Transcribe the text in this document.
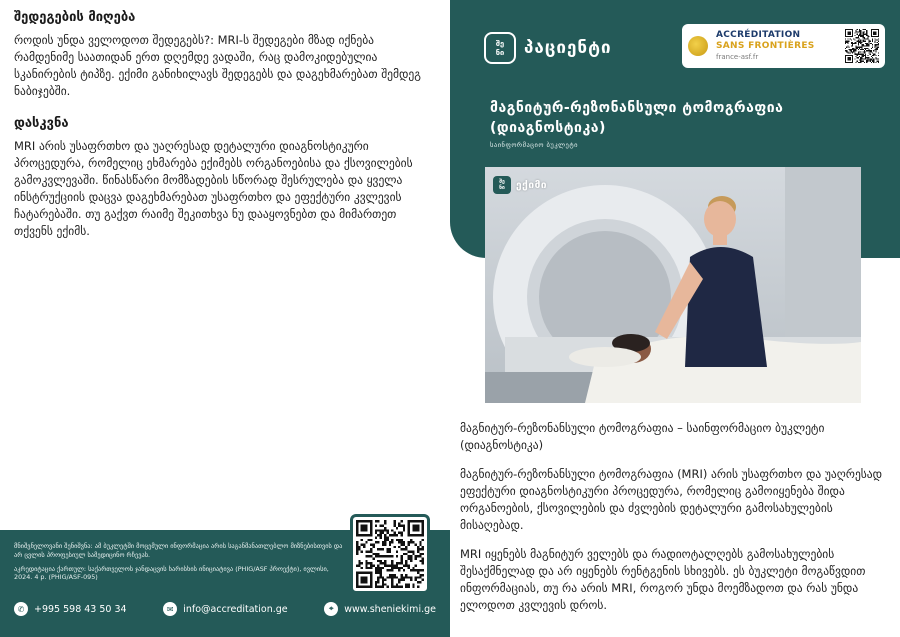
შედეგების მიღება

როდის უნდა ველოდოთ შედეგებს?: MRI-ს შედეგები მზად იქნება რამდენიმე საათიდან ერთ დღემდე ვადაში, რაც დამოკიდებულია სკანირების ტიპზე. ექიმი განიხილავს შედეგებს და დაგეხმარებათ შემდეგ ნაბიჯებში.

დასკვნა

MRI არის უსაფრთხო და უაღრესად დეტალური დიაგნოსტიკური პროცედურა, რომელიც ეხმარება ექიმებს ორგანოებისა და ქსოვილების გამოკვლევაში. წინასწარი მომზადების სწორად შესრულება და ყველა ინსტრუქციის დაცვა დაგეხმარებათ უსაფრთხო და ეფექტური კვლევის ჩატარებაში. თუ გაქვთ რაიმე შეკითხვა ნუ დააყოვნებთ და მიმართეთ თქვენს ექიმს.

მნიშვნელოვანი შენიშვნა: ამ ბუკლეტში მოცემული ინფორმაცია არის საგანმანათლებლო მიზნებისთვის და არ ცვლის პროფესიულ სამედიცინო რჩევას.

აკრედიტაცია ქართულ: საქართველოს ჯანდაცვის ხარისხის ინიციატივა (PHIG/ASF პროექტი), ივლისი, 2024. 4 p. (PHIG/ASF-095)

✆	+995 598 43 50 34	✉	info@accreditation.ge	⌖	www.sheniekimi.ge
შე
ნი პაციენტი
ACCRÉDITATION
SANS FRONTIÈRES
france-asf.fr
მაგნიტურ-რეზონანსული ტომოგრაფია (დიაგნოსტიკა)
საინფორმაციო ბუკლეტი
შე
ნი ექიმი

მაგნიტურ-რეზონანსული ტომოგრაფია – საინფორმაციო ბუკლეტი (დიაგნოსტიკა)

მაგნიტურ-რეზონანსული ტომოგრაფია (MRI) არის უსაფრთხო და უაღრესად ეფექტური დიაგნოსტიკური პროცედურა, რომელიც გამოიყენება შიდა ორგანოების, ქსოვილების და ძვლების დეტალური გამოსახულების მისაღებად.

MRI იყენებს მაგნიტურ ველებს და რადიოტალღებს გამოსახულების შესაქმნელად და არ იყენებს რენტგენის სხივებს. ეს ბუკლეტი მოგაწვდით ინფორმაციას, თუ რა არის MRI, როგორ უნდა მოემზადოთ და რას უნდა ელოდოთ კვლევის დროს.
